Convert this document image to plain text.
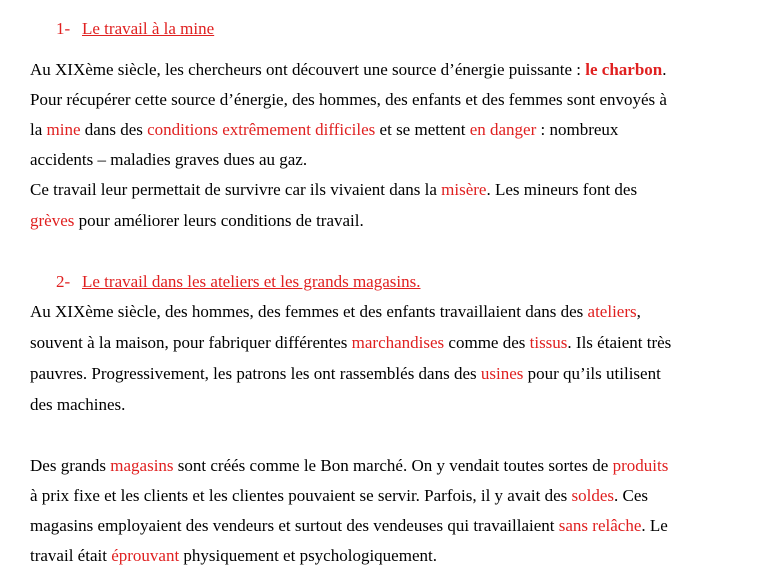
1- Le travail à la mine
Au XIXème siècle, les chercheurs ont découvert une source d’énergie puissante : le charbon.
Pour récupérer cette source d’énergie, des hommes, des enfants et des femmes sont envoyés à
la mine dans des conditions extrêmement difficiles et se mettent en danger : nombreux
accidents – maladies graves dues au gaz.
Ce travail leur permettait de survivre car ils vivaient dans la misère. Les mineurs font des
grèves pour améliorer leurs conditions de travail.
2- Le travail dans les ateliers et les grands magasins.
Au XIXème siècle, des hommes, des femmes et des enfants travaillaient dans des ateliers,
souvent à la maison, pour fabriquer différentes marchandises comme des tissus. Ils étaient très
pauvres. Progressivement, les patrons les ont rassemblés dans des usines pour qu’ils utilisent
des machines.
Des grands magasins sont créés comme le Bon marché. On y vendait toutes sortes de produits
à prix fixe et les clients et les clientes pouvaient se servir. Parfois, il y avait des soldes. Ces
magasins employaient des vendeurs et surtout des vendeuses qui travaillaient sans relâche. Le
travail était éprouvant physiquement et psychologiquement.
